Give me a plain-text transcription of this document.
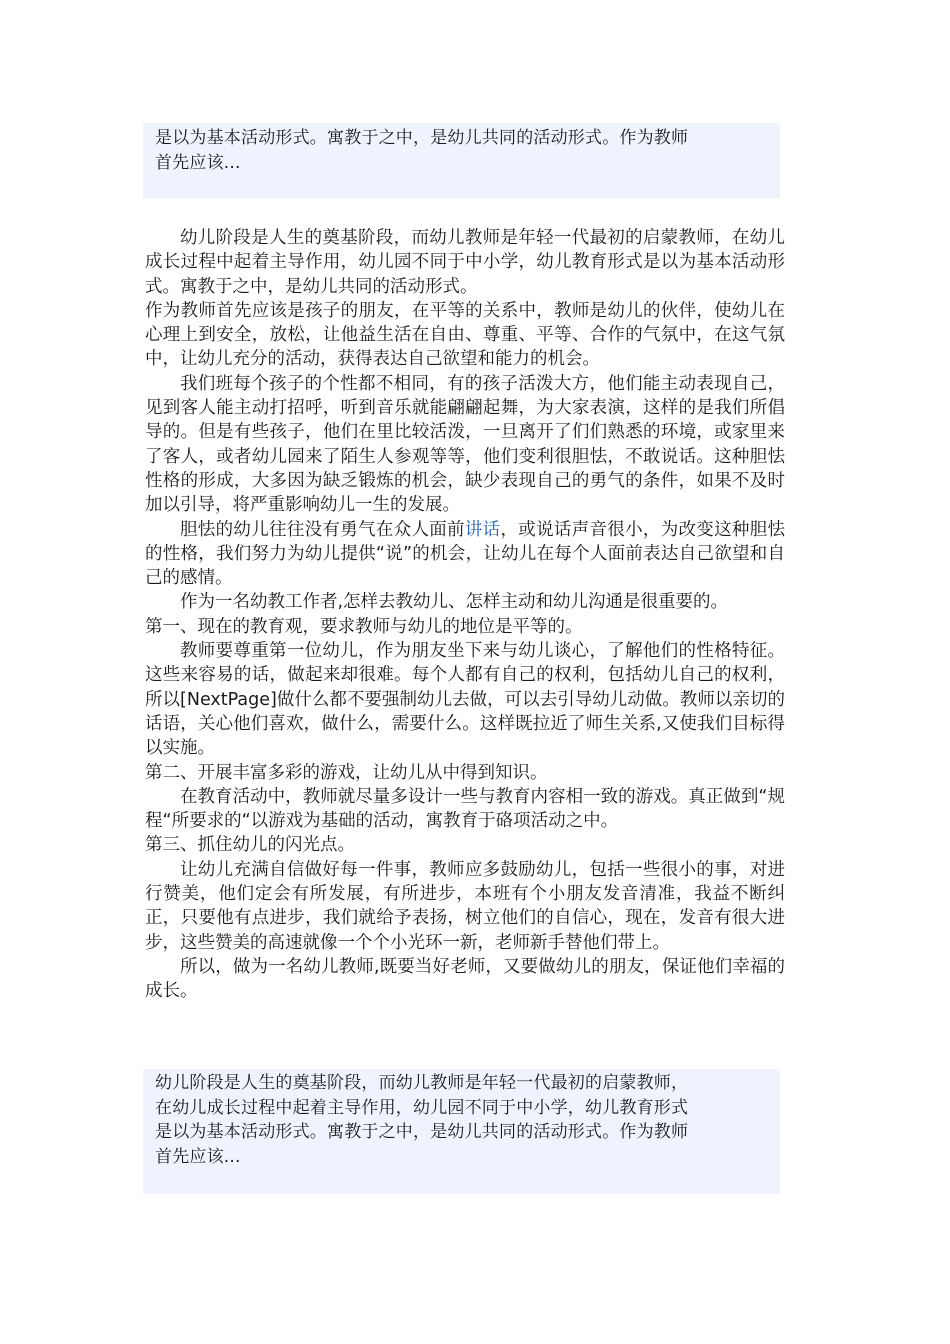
是以为基本活动形式。寓教于之中，是幼儿共同的活动形式。作为教师
首先应该...

幼儿阶段是人生的奠基阶段，而幼儿教师是年轻一代最初的启蒙教师，在幼儿成长过程中起着主导作用，幼儿园不同于中小学，幼儿教育形式是以为基本活动形式。寓教于之中，是幼儿共同的活动形式。

作为教师首先应该是孩子的朋友，在平等的关系中，教师是幼儿的伙伴，使幼儿在心理上到安全，放松，让他益生活在自由、尊重、平等、合作的气氛中，在这气氛中，让幼儿充分的活动，获得表达自己欲望和能力的机会。

我们班每个孩子的个性都不相同，有的孩子活泼大方，他们能主动表现自己，见到客人能主动打招呼，听到音乐就能翩翩起舞，为大家表演，这样的是我们所倡导的。但是有些孩子，他们在里比较活泼，一旦离开了们们熟悉的环境，或家里来了客人，或者幼儿园来了陌生人参观等等，他们变利很胆怯，不敢说话。这种胆怯性格的形成，大多因为缺乏锻炼的机会，缺少表现自己的勇气的条件，如果不及时加以引导，将严重影响幼儿一生的发展。

胆怯的幼儿往往没有勇气在众人面前讲话，或说话声音很小，为改变这种胆怯的性格，我们努力为幼儿提供“说”的机会，让幼儿在每个人面前表达自己欲望和自己的感情。

作为一名幼教工作者,怎样去教幼儿、怎样主动和幼儿沟通是很重要的。

第一、现在的教育观，要求教师与幼儿的地位是平等的。

教师要尊重第一位幼儿，作为朋友坐下来与幼儿谈心，了解他们的性格特征。这些来容易的话，做起来却很难。每个人都有自己的权利，包括幼儿自己的权利，所以[NextPage]做什么都不要强制幼儿去做，可以去引导幼儿动做。教师以亲切的话语，关心他们喜欢，做什么，需要什么。这样既拉近了师生关系,又使我们目标得以实施。

第二、开展丰富多彩的游戏，让幼儿从中得到知识。

在教育活动中，教师就尽量多设计一些与教育内容相一致的游戏。真正做到“规程“所要求的“以游戏为基础的活动，寓教育于硌项活动之中。

第三、抓住幼儿的闪光点。

让幼儿充满自信做好每一件事，教师应多鼓励幼儿，包括一些很小的事，对进行赞美，他们定会有所发展，有所进步，本班有个小朋友发音清准，我益不断纠正，只要他有点进步，我们就给予表扬，树立他们的自信心，现在，发音有很大进步，这些赞美的高速就像一个个小光环一新，老师新手替他们带上。

所以，做为一名幼儿教师,既要当好老师，又要做幼儿的朋友，保证他们幸福的成长。

幼儿阶段是人生的奠基阶段，而幼儿教师是年轻一代最初的启蒙教师，
在幼儿成长过程中起着主导作用，幼儿园不同于中小学，幼儿教育形式
是以为基本活动形式。寓教于之中，是幼儿共同的活动形式。作为教师
首先应该...
